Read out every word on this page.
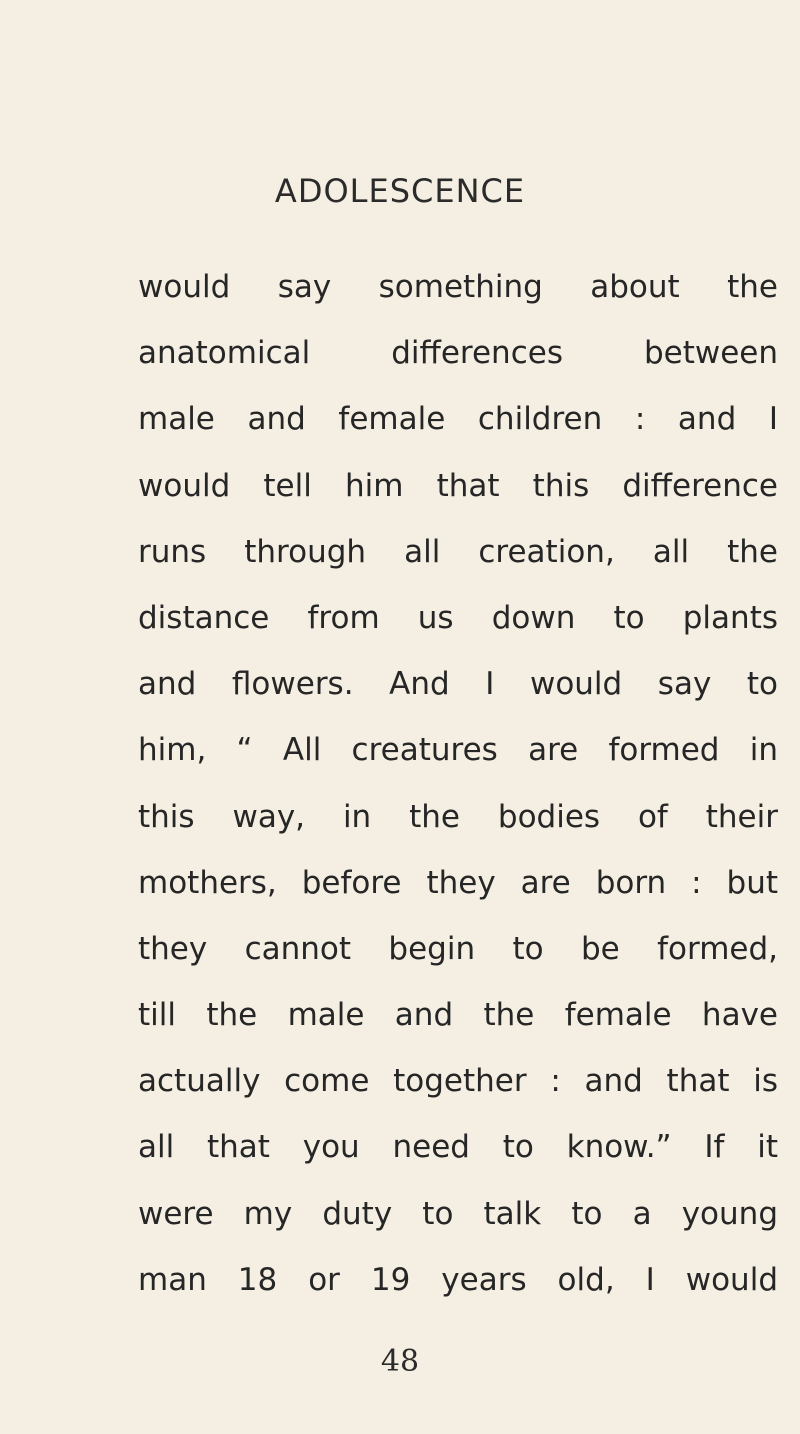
ADOLESCENCE
would say something about the
anatomical differences between
male and female children : and I
would tell him that this difference
runs through all creation, all the
distance from us down to plants
and flowers. And I would say to
him, “ All creatures are formed in
this way, in the bodies of their
mothers, before they are born : but
they cannot begin to be formed,
till the male and the female have
actually come together : and that is
all that you need to know.” If it
were my duty to talk to a young
man 18 or 19 years old, I would
48
